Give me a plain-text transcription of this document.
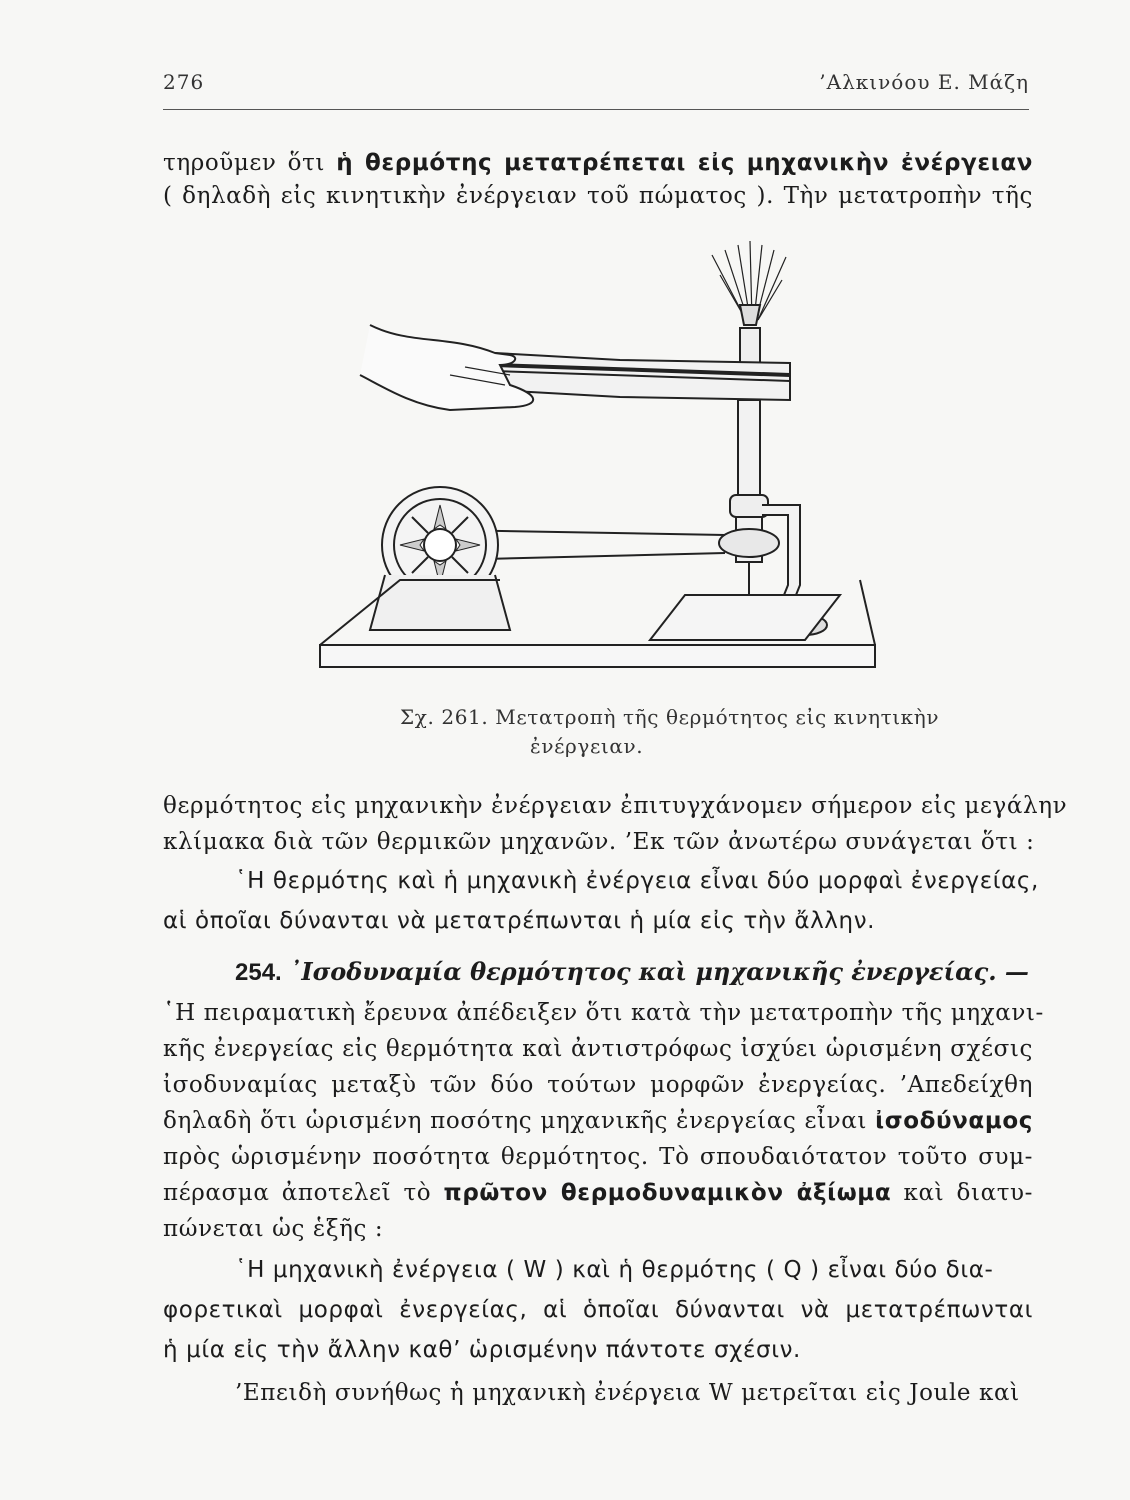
276	’Αλκινόου Ε. Μάζη
τηροῦμεν ὅτι ἡ θερμότης μετατρέπεται εἰς μηχανικὴν ἐνέργειαν
( δηλαδὴ εἰς κινητικὴν ἐνέργειαν τοῦ πώματος ). Τὴν μετατροπὴν τῆς
Σχ. 261. Μετατροπὴ τῆς θερμότητος εἰς κινητικὴν
ἐνέργειαν.
θερμότητος εἰς μηχανικὴν ἐνέργειαν ἐπιτυγχάνομεν σήμερον εἰς μεγάλην
κλίμακα διὰ τῶν θερμικῶν μηχανῶν. ’Εκ τῶν ἀνωτέρω συνάγεται ὅτι :
῾Η θερμότης καὶ ἡ μηχανικὴ ἐνέργεια εἶναι δύο μορφαὶ ἐνεργείας,
αἱ ὁποῖαι δύνανται νὰ μετατρέπωνται ἡ μία εἰς τὴν ἄλλην.
254. ᾽Ισοδυναμία θερμότητος καὶ μηχανικῆς ἐνεργείας. —
῾Η πειραματικὴ ἔρευνα ἀπέδειξεν ὅτι κατὰ τὴν μετατροπὴν τῆς μηχανι-
κῆς ἐνεργείας εἰς θερμότητα καὶ ἀντιστρόφως ἰσχύει ὡρισμένη σχέσις
ἰσοδυναμίας μεταξὺ τῶν δύο τούτων μορφῶν ἐνεργείας. ’Απεδείχθη
δηλαδὴ ὅτι ὡρισμένη ποσότης μηχανικῆς ἐνεργείας εἶναι ἰσοδύναμος
πρὸς ὡρισμένην ποσότητα θερμότητος. Τὸ σπουδαιότατον τοῦτο συμ-
πέρασμα ἀποτελεῖ τὸ πρῶτον θερμοδυναμικὸν ἀξίωμα καὶ διατυ-
πώνεται ὡς ἑξῆς :
῾Η μηχανικὴ ἐνέργεια ( W ) καὶ ἡ θερμότης ( Q ) εἶναι δύο δια-
φορετικαὶ μορφαὶ ἐνεργείας, αἱ ὁποῖαι δύνανται νὰ μετατρέπωνται
ἡ μία εἰς τὴν ἄλλην καθ’ ὡρισμένην πάντοτε σχέσιν.
’Επειδὴ συνήθως ἡ μηχανικὴ ἐνέργεια W μετρεῖται εἰς Joule καὶ
